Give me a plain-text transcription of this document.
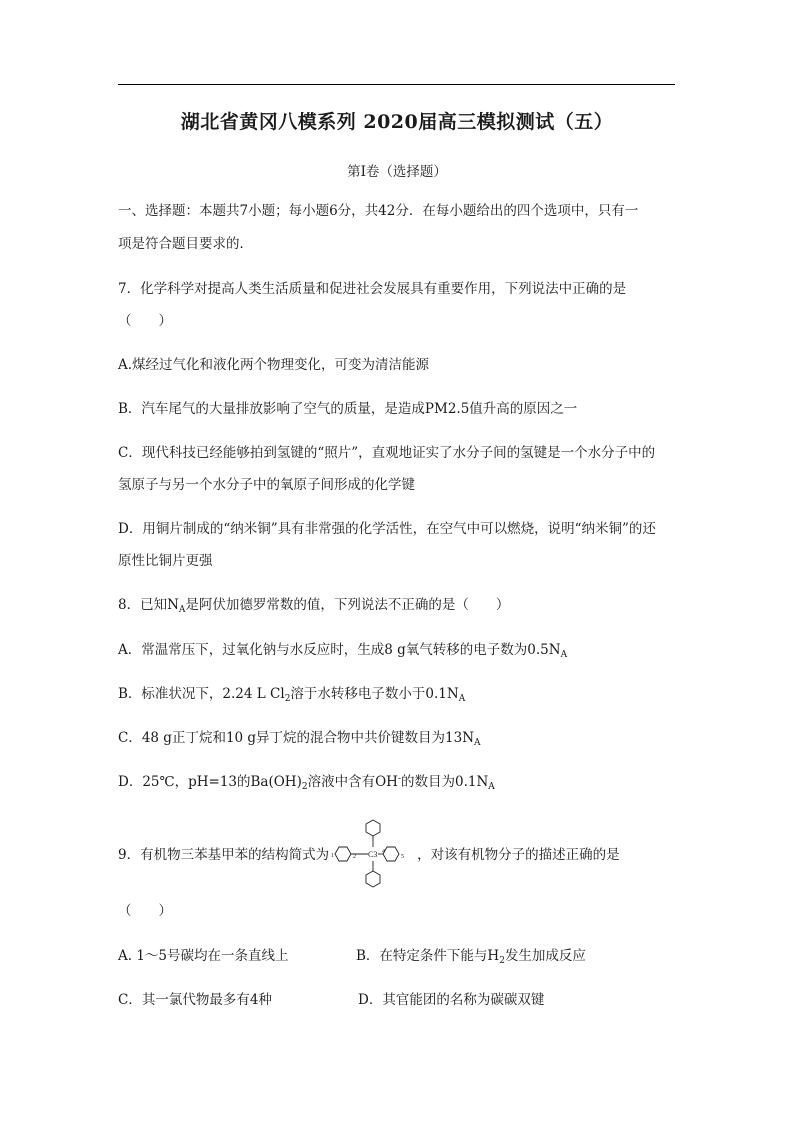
湖北省黄冈八模系列 2020届高三模拟测试（五）
第Ⅰ卷（选择题）
一、选择题：本题共7小题；每小题6分，共42分．在每小题给出的四个选项中，只有一
项是符合题目要求的．
7．化学科学对提高人类生活质量和促进社会发展具有重要作用，下列说法中正确的是
（　　）
A.煤经过气化和液化两个物理变化，可变为清洁能源
B．汽车尾气的大量排放影响了空气的质量，是造成PM2.5值升高的原因之一
C．现代科技已经能够拍到氢键的“照片”，直观地证实了水分子间的氢键是一个水分子中的
氢原子与另一个水分子中的氧原子间形成的化学键
D．用铜片制成的“纳米铜”具有非常强的化学活性，在空气中可以燃烧，说明“纳米铜”的还
原性比铜片更强
8．已知$N_A$是阿伏加德罗常数的值，下列说法不正确的是（　　）
A．常温常压下，过氧化钠与水反应时，生成8 g氧气转移的电子数为$0.5N_A$
B．标准状况下，2.24 L $Cl_2$溶于水转移电子数小于$0.1N_A$
C．48 g正丁烷和10 g异丁烷的混合物中共价键数目为$13N_A$
D．25℃，pH=13的$Ba(OH)_2$溶液中含有OH-的数目为$0.1N_A$
9．有机物三苯基甲苯的结构简式为 1	2 C3 4
5 ，对该有机物分子的描述正确的是
（　　）
A. 1～5号碳均在一条直线上	B．在特定条件下能与$H_2$发生加成反应
C．其一氯代物最多有4种	D．其官能团的名称为碳碳双键
